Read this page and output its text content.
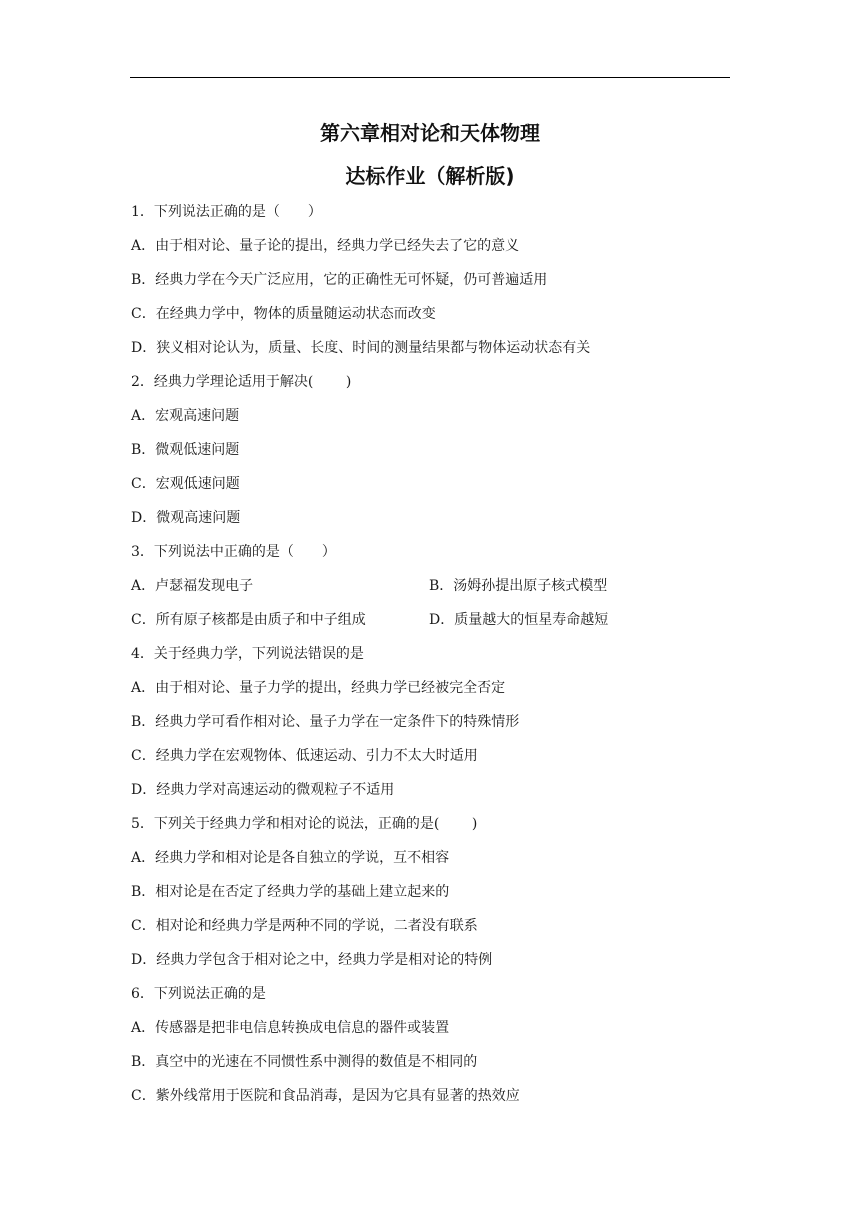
第六章相对论和天体物理
达标作业（解析版)
1．下列说法正确的是（　　）
A．由于相对论、量子论的提出，经典力学已经失去了它的意义
B．经典力学在今天广泛应用，它的正确性无可怀疑，仍可普遍适用
C．在经典力学中，物体的质量随运动状态而改变
D．狭义相对论认为，质量、长度、时间的测量结果都与物体运动状态有关
2．经典力学理论适用于解决(　　 )
A．宏观高速问题
B．微观低速问题
C．宏观低速问题
D．微观高速问题
3．下列说法中正确的是（　　）
A．卢瑟福发现电子	B．汤姆孙提出原子核式模型
C．所有原子核都是由质子和中子组成	D．质量越大的恒星寿命越短
4．关于经典力学，下列说法错误的是
A．由于相对论、量子力学的提出，经典力学已经被完全否定
B．经典力学可看作相对论、量子力学在一定条件下的特殊情形
C．经典力学在宏观物体、低速运动、引力不太大时适用
D．经典力学对高速运动的微观粒子不适用
5．下列关于经典力学和相对论的说法，正确的是(　　 )
A．经典力学和相对论是各自独立的学说，互不相容
B．相对论是在否定了经典力学的基础上建立起来的
C．相对论和经典力学是两种不同的学说，二者没有联系
D．经典力学包含于相对论之中，经典力学是相对论的特例
6．下列说法正确的是
A．传感器是把非电信息转换成电信息的器件或装置
B．真空中的光速在不同惯性系中测得的数值是不相同的
C．紫外线常用于医院和食品消毒，是因为它具有显著的热效应
